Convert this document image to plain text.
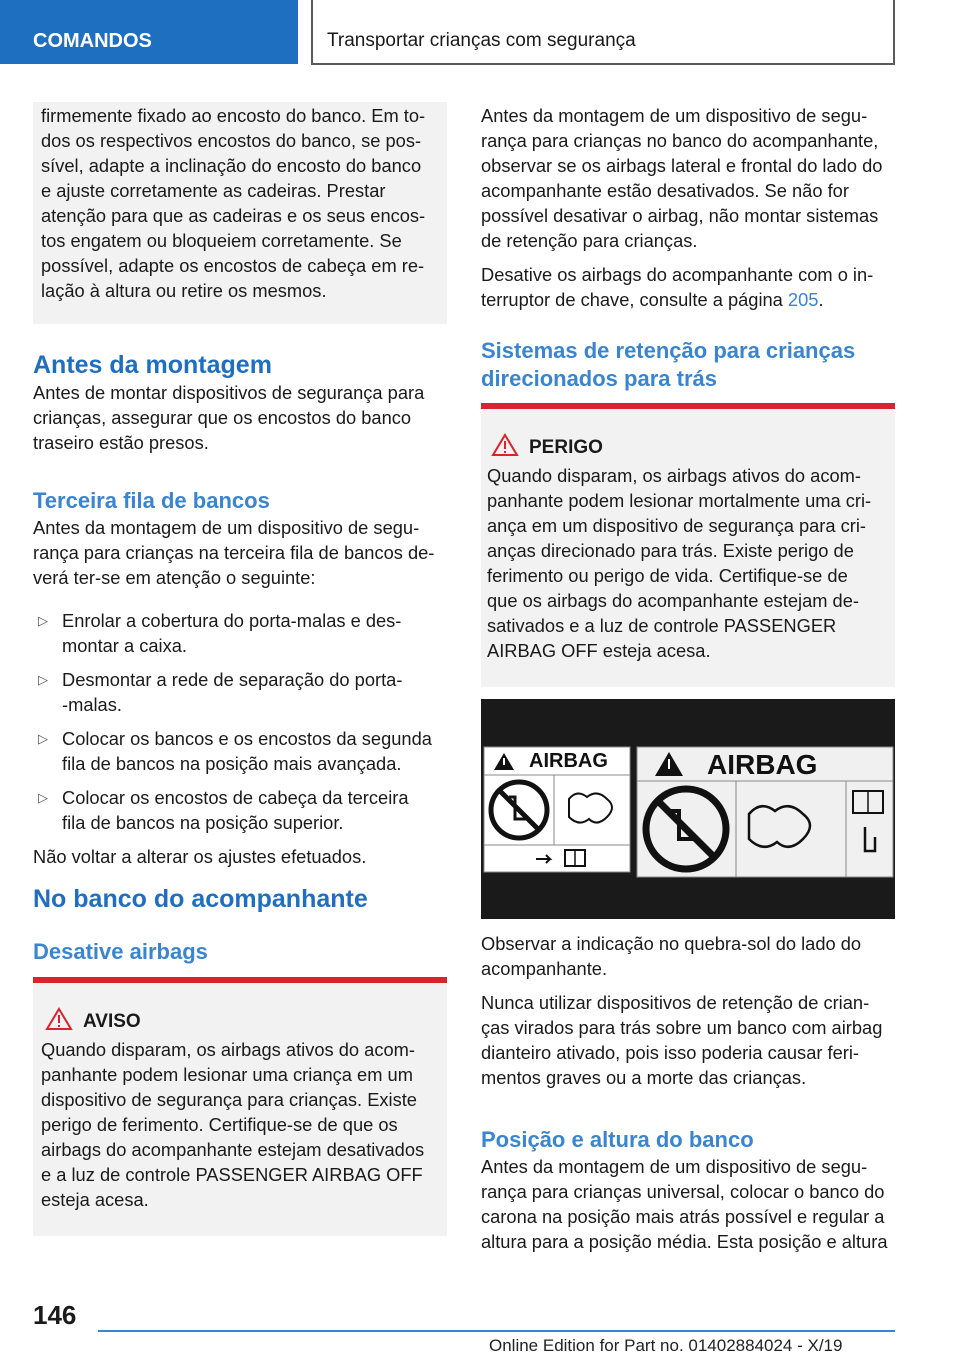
COMANDOS	Transportar crianças com segurança

firmemente fixado ao encosto do banco. Em to‐

dos os respectivos encostos do banco, se pos‐

sível, adapte a inclinação do encosto do banco

e ajuste corretamente as cadeiras. Prestar

atenção para que as cadeiras e os seus encos‐

tos engatem ou bloqueiem corretamente. Se

possível, adapte os encostos de cabeça em re‐

lação à altura ou retire os mesmos.

Antes da montagem

Antes de montar dispositivos de segurança para

crianças, assegurar que os encostos do banco

traseiro estão presos.

Terceira fila de bancos

Antes da montagem de um dispositivo de segu‐

rança para crianças na terceira fila de bancos de‐

verá ter-se em atenção o seguinte:

▷ Enrolar a cobertura do porta-malas e des‐

montar a caixa.

▷ Desmontar a rede de separação do porta‐

-malas.

▷ Colocar os bancos e os encostos da segunda

fila de bancos na posição mais avançada.

▷ Colocar os encostos de cabeça da terceira

fila de bancos na posição superior.

Não voltar a alterar os ajustes efetuados.

No banco do acompanhante

Desative airbags

AVISO

Quando disparam, os airbags ativos do acom‐

panhante podem lesionar uma criança em um

dispositivo de segurança para crianças. Existe

perigo de ferimento. Certifique-se de que os

airbags do acompanhante estejam desativados

e a luz de controle PASSENGER AIRBAG OFF

esteja acesa.

Antes da montagem de um dispositivo de segu‐

rança para crianças no banco do acompanhante,

observar se os airbags lateral e frontal do lado do

acompanhante estão desativados. Se não for

possível desativar o airbag, não montar sistemas

de retenção para crianças.

Desative os airbags do acompanhante com o in‐

terruptor de chave, consulte a página 205.

Sistemas de retenção para crianças

direcionados para trás

PERIGO

Quando disparam, os airbags ativos do acom‐

panhante podem lesionar mortalmente uma cri‐

ança em um dispositivo de segurança para cri‐

anças direcionado para trás. Existe perigo de

ferimento ou perigo de vida. Certifique-se de

que os airbags do acompanhante estejam de‐

sativados e a luz de controle PASSENGER

AIRBAG OFF esteja acesa.

AIRBAG	AIRBAG

Observar a indicação no quebra-sol do lado do

acompanhante.

Nunca utilizar dispositivos de retenção de crian‐

ças virados para trás sobre um banco com airbag

dianteiro ativado, pois isso poderia causar feri‐

mentos graves ou a morte das crianças.

Posição e altura do banco

Antes da montagem de um dispositivo de segu‐

rança para crianças universal, colocar o banco do

carona na posição mais atrás possível e regular a

altura para a posição média. Esta posição e altura

146
Online Edition for Part no. 01402884024 - X/19
